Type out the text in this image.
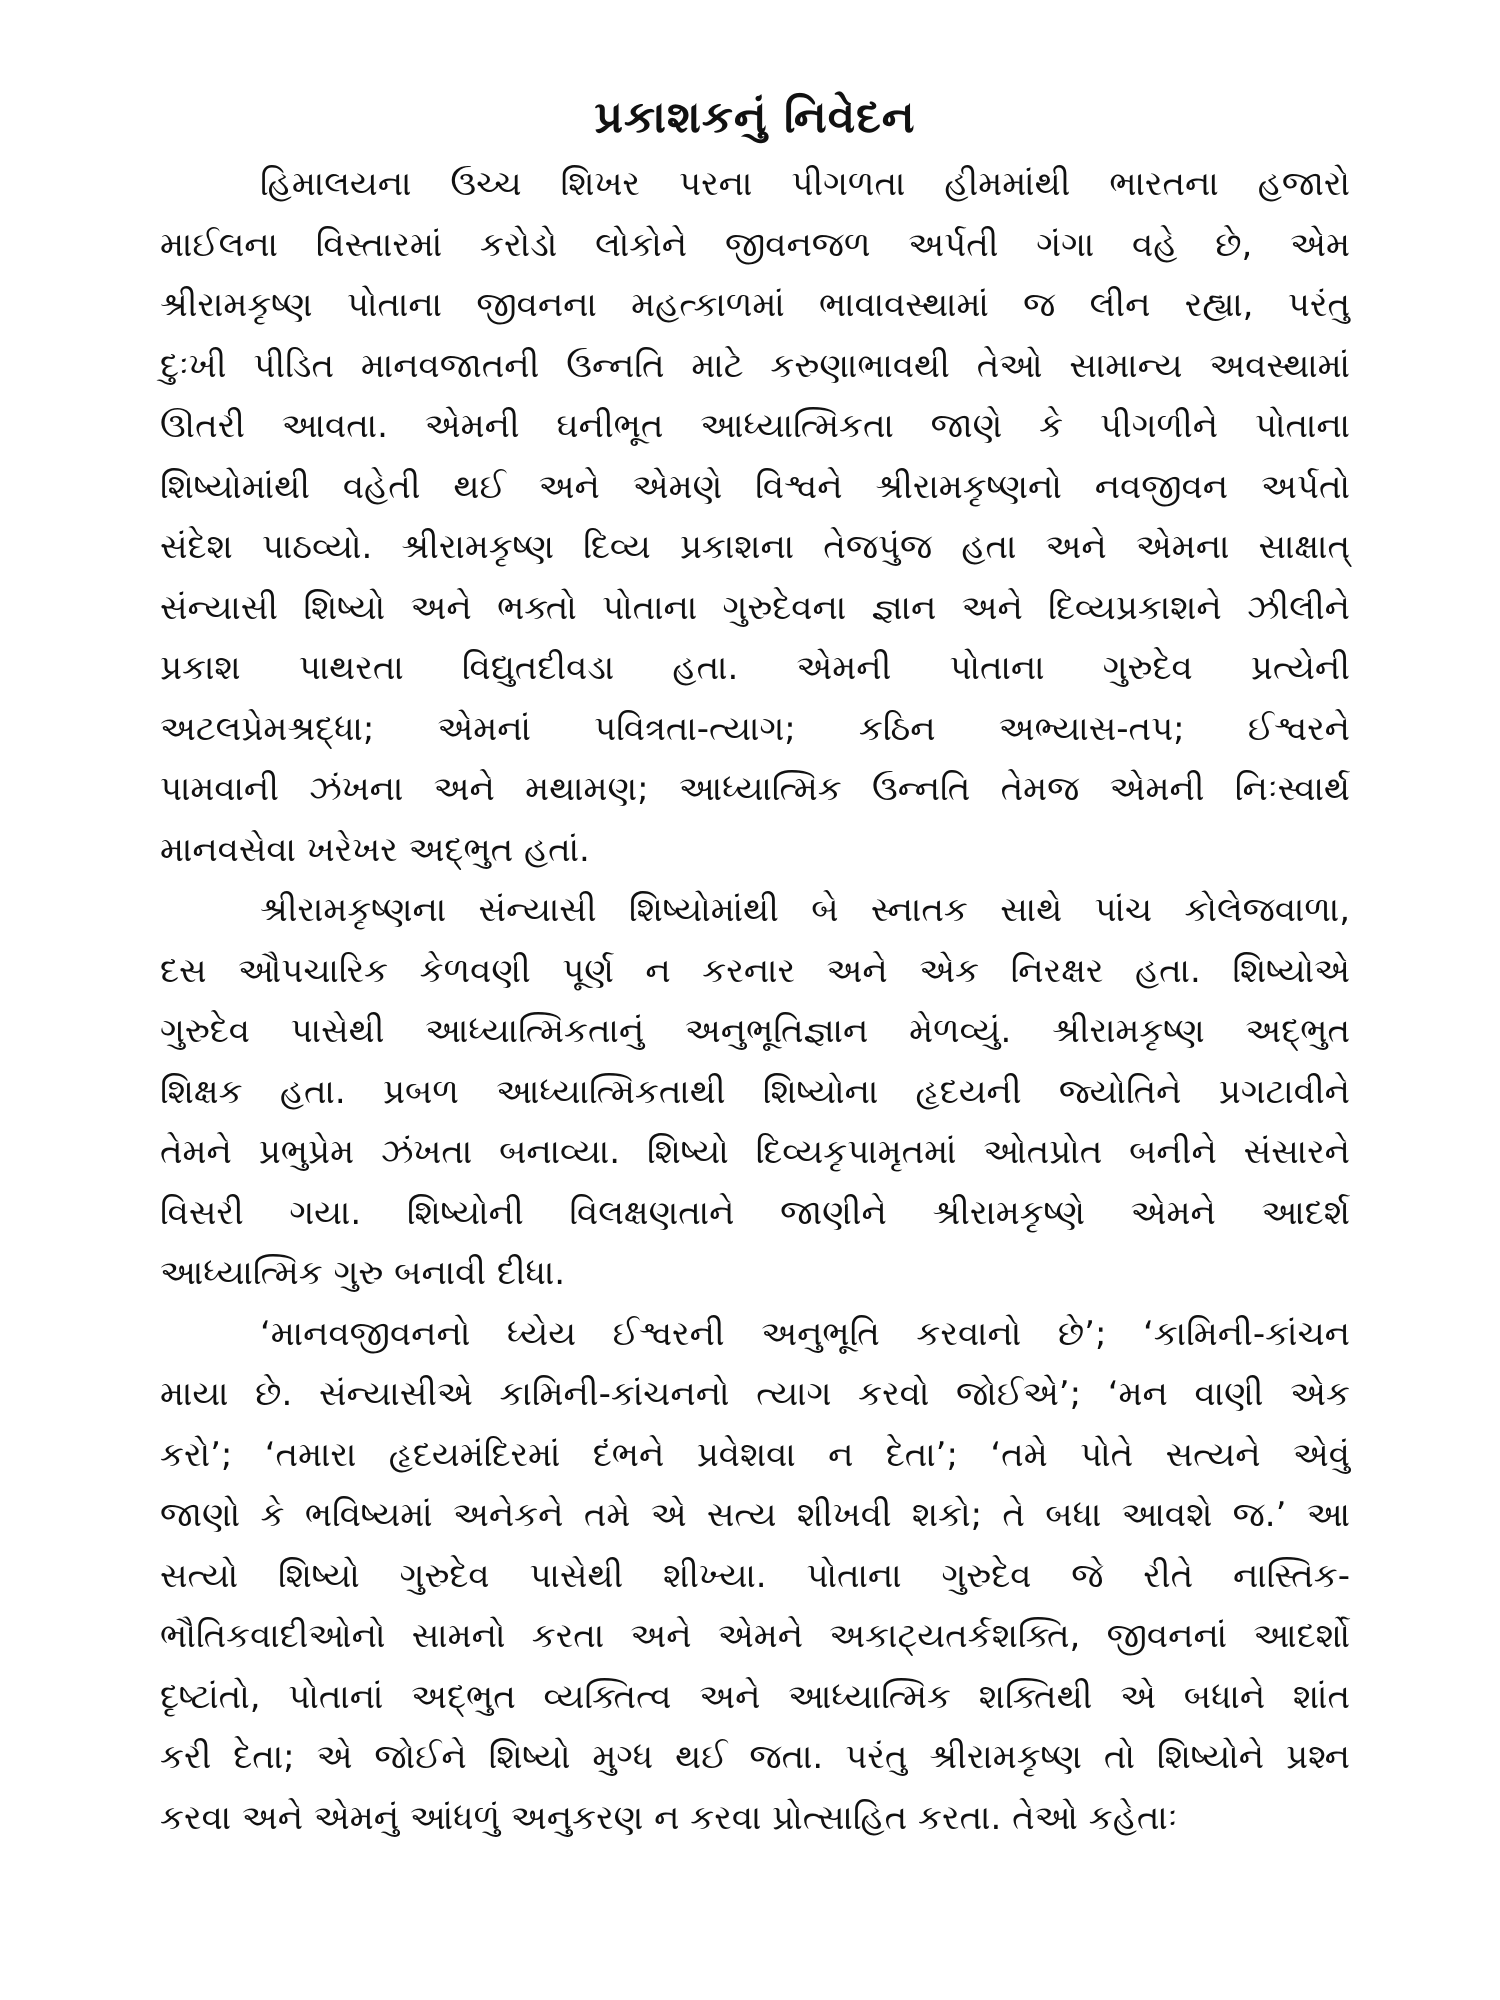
પ્રકાશકનું નિવેદન

હિમાલયના ઉચ્ચ શિખર પરના પીગળતા હીમમાંથી ભારતના હજારો
માઈલના વિસ્તારમાં કરોડો લોકોને જીવનજળ અર્પતી ગંગા વહે છે, એમ
શ્રીરામકૃષ્ણ પોતાના જીવનના મહત્કાળમાં ભાવાવસ્થામાં જ લીન રહ્યા, પરંતુ
દુઃખી પીડિત માનવજાતની ઉન્નતિ માટે કરુણાભાવથી તેઓ સામાન્ય અવસ્થામાં
ઊતરી આવતા. એમની ઘનીભૂત આધ્યાત્મિકતા જાણે કે પીગળીને પોતાના
શિષ્યોમાંથી વહેતી થઈ અને એમણે વિશ્વને શ્રીરામકૃષ્ણનો નવજીવન અર્પતો
સંદેશ પાઠવ્યો. શ્રીરામકૃષ્ણ દિવ્ય પ્રકાશના તેજપુંજ હતા અને એમના સાક્ષાત્
સંન્યાસી શિષ્યો અને ભક્તો પોતાના ગુરુદેવના જ્ઞાન અને દિવ્યપ્રકાશને ઝીલીને
પ્રકાશ પાથરતા વિદ્યુતદીવડા હતા. એમની પોતાના ગુરુદેવ પ્રત્યેની
અટલપ્રેમશ્રદ્ધા; એમનાં પવિત્રતા-ત્યાગ; કઠિન અભ્યાસ-તપ; ઈશ્વરને
પામવાની ઝંખના અને મથામણ; આધ્યાત્મિક ઉન્નતિ તેમજ એમની નિઃસ્વાર્થ
માનવસેવા ખરેખર અદ્‌ભુત હતાં.

શ્રીરામકૃષ્ણના સંન્યાસી શિષ્યોમાંથી બે સ્નાતક સાથે પાંચ કોલેજવાળા,
દસ ઔપચારિક કેળવણી પૂર્ણ ન કરનાર અને એક નિરક્ષર હતા. શિષ્યોએ
ગુરુદેવ પાસેથી આધ્યાત્મિકતાનું અનુભૂતિજ્ઞાન મેળવ્યું. શ્રીરામકૃષ્ણ અદ્‌ભુત
શિક્ષક હતા. પ્રબળ આધ્યાત્મિકતાથી શિષ્યોના હૃદયની જ્યોતિને પ્રગટાવીને
તેમને પ્રભુપ્રેમ ઝંખતા બનાવ્યા. શિષ્યો દિવ્યકૃપામૃતમાં ઓતપ્રોત બનીને સંસારને
વિસરી ગયા. શિષ્યોની વિલક્ષણતાને જાણીને શ્રીરામકૃષ્ણે એમને આદર્શ
આધ્યાત્મિક ગુરુ બનાવી દીધા.

‘માનવજીવનનો ધ્યેય ઈશ્વરની અનુભૂતિ કરવાનો છે’; ‘કામિની-કાંચન
માયા છે. સંન્યાસીએ કામિની-કાંચનનો ત્યાગ કરવો જોઈએ’; ‘મન વાણી એક
કરો’; ‘તમારા હૃદયમંદિરમાં દંભને પ્રવેશવા ન દેતા’; ‘તમે પોતે સત્યને એવું
જાણો કે ભવિષ્યમાં અનેકને તમે એ સત્ય શીખવી શકો; તે બધા આવશે જ.’ આ
સત્યો શિષ્યો ગુરુદેવ પાસેથી શીખ્યા. પોતાના ગુરુદેવ જે રીતે નાસ્તિક-
ભૌતિકવાદીઓનો સામનો કરતા અને એમને અકાટ્યતર્કશક્તિ, જીવનનાં આદર્શો
દૃષ્ટાંતો, પોતાનાં અદ્‌ભુત વ્યક્તિત્વ અને આધ્યાત્મિક શક્તિથી એ બધાને શાંત
કરી દેતા; એ જોઈને શિષ્યો મુગ્ધ થઈ જતા. પરંતુ શ્રીરામકૃષ્ણ તો શિષ્યોને પ્રશ્ન
કરવા અને એમનું આંધળું અનુકરણ ન કરવા પ્રોત્સાહિત કરતા. તેઓ કહેતાઃ
